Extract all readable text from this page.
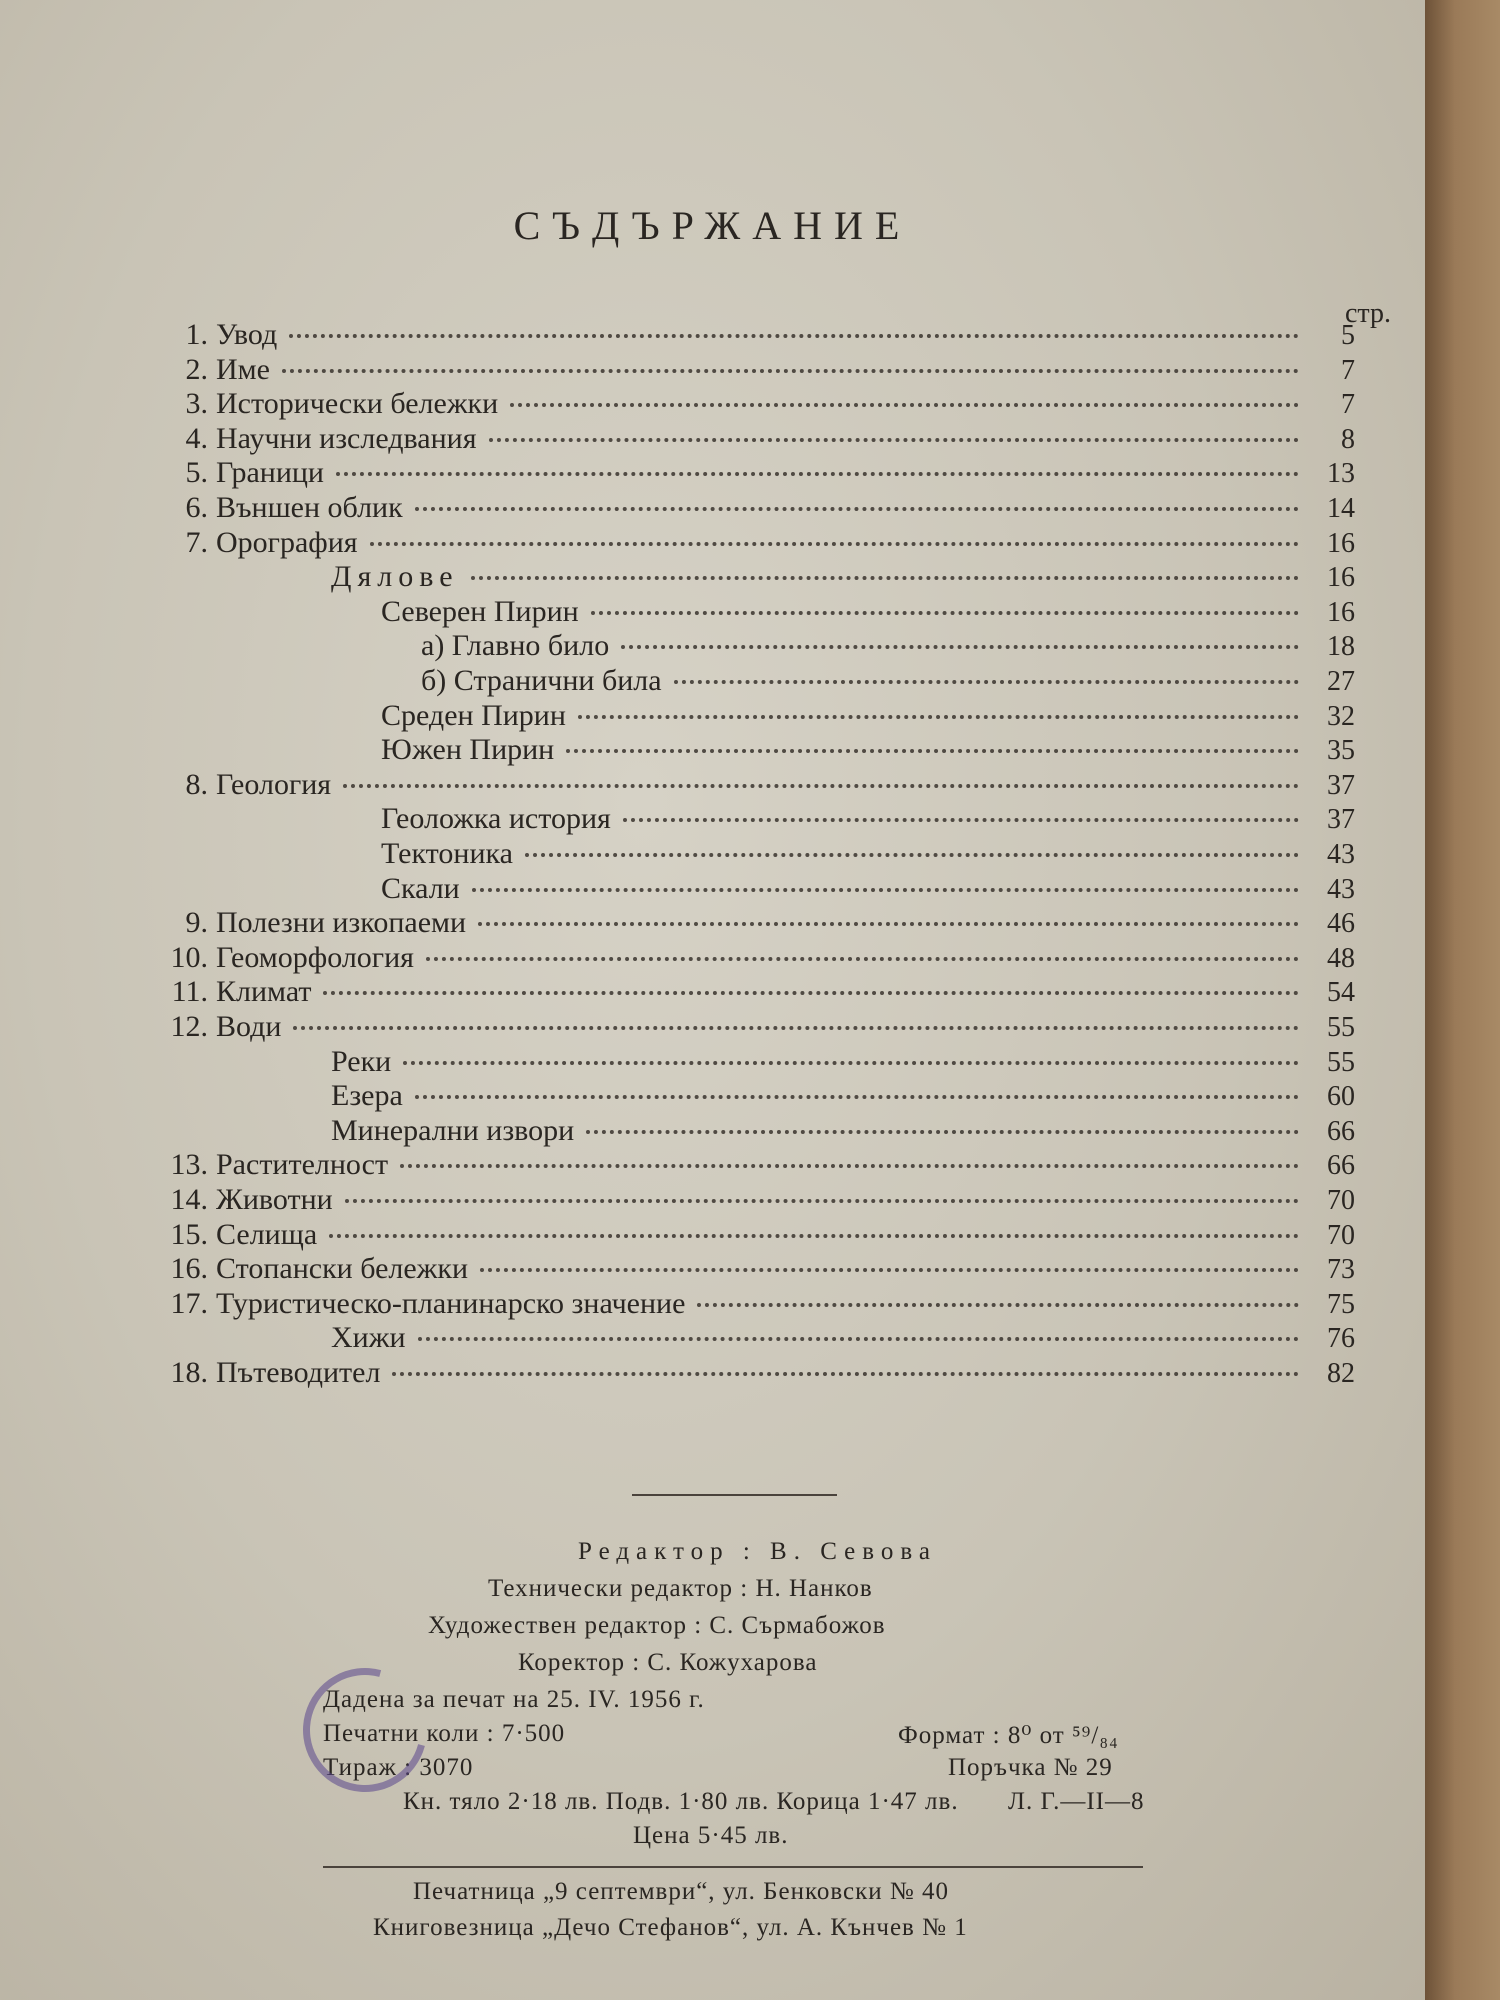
СЪДЪРЖАНИЕ
стр.
1. Увод	5
2. Име	7
3. Исторически бележки	7
4. Научни изследвания	8
5. Граници	13
6. Външен облик	14
7. Орография	16
Дялове	16
Северен Пирин	16
а) Главно било	18
б) Странични била	27
Среден Пирин	32
Южен Пирин	35
8. Геология	37
Геоложка история	37
Тектоника	43
Скали	43
9. Полезни изкопаеми	46
10. Геоморфология	48
11. Климат	54
12. Води	55
Реки	55
Езера	60
Минерални извори	66
13. Растителност	66
14. Животни	70
15. Селища	70
16. Стопански бележки	73
17. Туристическо-планинарско значение	75
Хижи	76
18. Пътеводител	82
Редактор : В. Севова
Технически редактор : Н. Нанков
Художествен редактор : С. Сърмабожов
Коректор : С. Кожухарова
Дадена за печат на 25. IV. 1956 г.
Печатни коли : 7·500	Формат : 8⁰ от ⁵⁹/₈₄
Тираж : 3070	Поръчка № 29
Л. Г.—II—8
Кн. тяло 2·18 лв. Подв. 1·80 лв. Корица 1·47 лв.
Цена 5·45 лв.
Печатница „9 септември“, ул. Бенковски № 40
Книговезница „Дечо Стефанов“, ул. А. Кънчев № 1
